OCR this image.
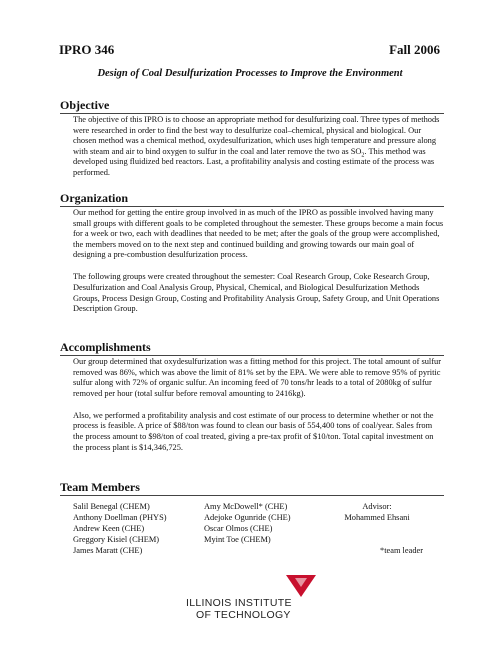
IPRO 346	Fall 2006
Design of Coal Desulfurization Processes to Improve the Environment
Objective

The objective of this IPRO is to choose an appropriate method for desulfurizing coal. Three types of methods were researched in order to find the best way to desulfurize coal–chemical, physical and biological. Our chosen method was a chemical method, oxydesulfurization, which uses high temperature and pressure along with steam and air to bind oxygen to sulfur in the coal and later remove the two as $SO_2$. This method was developed using fluidized bed reactors. Last, a profitability analysis and costing estimate of the process was performed.

Organization

Our method for getting the entire group involved in as much of the IPRO as possible involved having many small groups with different goals to be completed throughout the semester. These groups become a main focus for a week or two, each with deadlines that needed to be met; after the goals of the group were accomplished, the members moved on to the next step and continued building and growing towards our main goal of designing a pre-combustion desulfurization process.

The following groups were created throughout the semester: Coal Research Group, Coke Research Group, Desulfurization and Coal Analysis Group, Physical, Chemical, and Biological Desulfurization Methods Groups, Process Design Group, Costing and Profitability Analysis Group, Safety Group, and Unit Operations Description Group.

Accomplishments

Our group determined that oxydesulfurization was a fitting method for this project. The total amount of sulfur removed was 86%, which was above the limit of 81% set by the EPA. We were able to remove 95% of pyritic sulfur along with 72% of organic sulfur. An incoming feed of 70 tons/hr leads to a total of 2080kg of sulfur removed per hour (total sulfur before removal amounting to 2416kg).

Also, we performed a profitability analysis and cost estimate of our process to determine whether or not the process is feasible. A price of $88/ton was found to clean our basis of 554,400 tons of coal/year. Sales from the process amount to $98/ton of coal treated, giving a pre-tax profit of $10/ton. Total capital investment on the process plant is $14,346,725.

Team Members
Salil Benegal (CHEM)
Anthony Doellman (PHYS)
Andrew Keen (CHE)
Greggory Kisiel (CHEM)
James Maratt (CHE)
Amy McDowell* (CHE)
Adejoke Ogunride (CHE)
Oscar Olmos (CHE)
Myint Toe (CHEM)
Advisor:
Mohammed Ehsani
*team leader
ILLINOIS INSTITUTE
OF TECHNOLOGY
